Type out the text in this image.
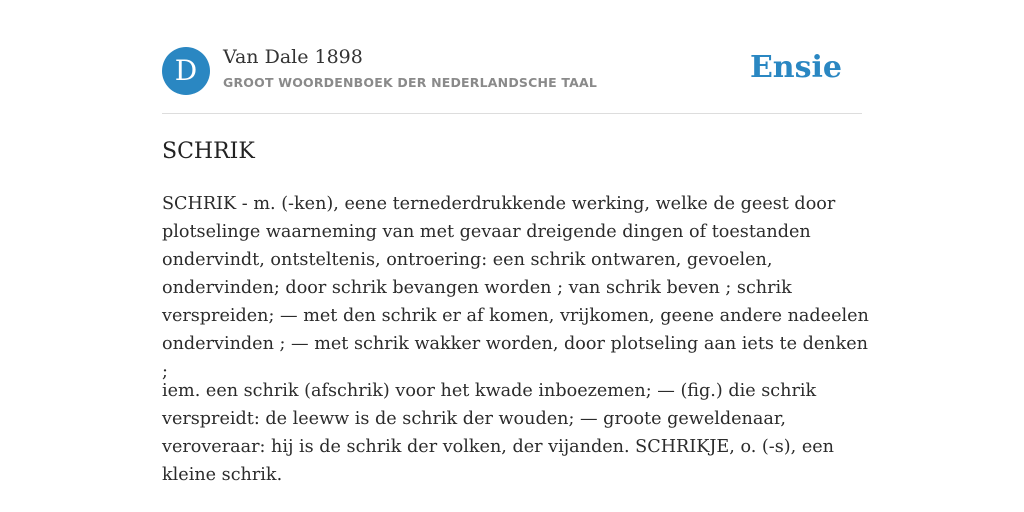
D	Van Dale 1898
GROOT WOORDENBOEK DER NEDERLANDSCHE TAAL	Ensie
SCHRIK

SCHRIK - m. (-ken), eene ternederdrukkende werking, welke de geest door plotselinge waarneming van met gevaar dreigende dingen of toestanden ondervindt, ontsteltenis, ontroering: een schrik ontwaren, gevoelen, ondervinden; door schrik bevangen worden ; van schrik beven ; schrik verspreiden; — met den schrik er af komen, vrijkomen, geene andere nadeelen ondervinden ; — met schrik wakker worden, door plotseling aan iets te denken ;

iem. een schrik (afschrik) voor het kwade inboezemen; — (fig.) die schrik verspreidt: de leeww is de schrik der wouden; — groote geweldenaar, veroveraar: hij is de schrik der volken, der vijanden. SCHRIKJE, o. (-s), een kleine schrik.
